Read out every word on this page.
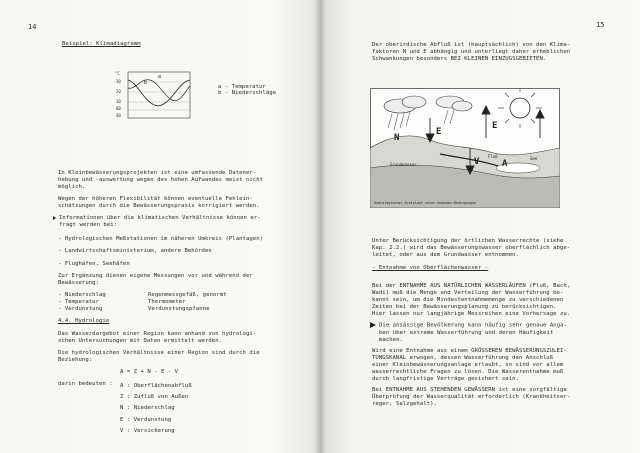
14
Beispiel: Klimadiagramm
°C
30
20
10
80
40
a
b
a - Temperatur
b - Niederschläge
In Kleinbewässerungsprojekten ist eine umfassende Datener-
hebung und -auswertung wegen des hohen Aufwandes meist nicht
möglich.
Wegen der höheren Flexibilität können eventuelle Fehlein-
schätzungen durch die Bewässerungspraxis korrigiert werden.
Informationen über die klimatischen Verhältnisse können er-
fragt werden bei:
- Hydrologischen Meßstationen im näheren Umkreis (Plantagen)
- Landwirtschaftsministerium, andere Behörden
- Flughäfen, Seehäfen
Zur Ergänzung dienen eigene Messungen vor und während der
Bewässerung:
- Niederschlag
- Temperatur
- Verdunstung
Regenmessgefäß, genormt
Thermometer
Verdunstungspfanne
4.4. Hydrologie
Das Wasserdargebot einer Region kann anhand von hydrologi-
schen Untersuchungen mit Daten ermittelt werden.
Die hydrologischen Verhältnisse einer Region sind durch die
Beziehung:
A = Z + N - E - V
darin bedeuten : A : Oberflächenabfluß
Z : Zufluß von Außen
N : Niederschlag
E : Verdunstung
V : Versickerung
15
Der oberirdische Abfluß ist (hauptsächlich) von den Klima-
faktoren N und E abhängig und unterliegt daher erheblichen
Schwankungen besonders BEI KLEINEN EINZUGSGEBIETEN.
N
E
E
V	A
Fluß	See
Grundwasser
Hydrologischer Kreislauf unter humiden Bedingungen
Unter Berücksichtigung der örtlichen Wasserrechte (siehe
Kap. 2.2.) wird das Bewässerungswasser oberflächlich abge-
leitet, oder aus dem Grundwasser entnommen.
- Entnahme von Oberflächenwasser -
Bei der ENTNAHME AUS NATÜRLICHEN WASSERLÄUFEN (Fluß, Bach,
Wadi) muß die Menge und Verteilung der Wasserführung be-
kannt sein, um die Mindestentnahmemenge zu verschiedenen
Zeiten bei der Bewässerungsplanung zu berücksichtigen.
Hier lassen nur langjährige Messreihen eine Vorhersage zu.
Die ansässige Bevölkerung kann häufig sehr genaue Anga-
ben über extreme Wasserführung und deren Häufigkeit
machen.
Wird eine Entnahme aus einem GRÖSSEREN BEWÄSSERUNGSZULEI-
TUNGSKANAL erwogen, dessen Wasserführung den Anschluß
einer Kleinbewässerungsanlage erlaubt, so sind vor allem
wasserrechtliche Fragen zu lösen. Die Wasserentnahme muß
durch langfristige Verträge gesichert sein.
Bei ENTNAHME AUS STEHENDEN GEWÄSSERN ist eine sorgfältige
Überprüfung der Wasserqualität erforderlich (Krankheitser-
reger, Salzgehalt).
